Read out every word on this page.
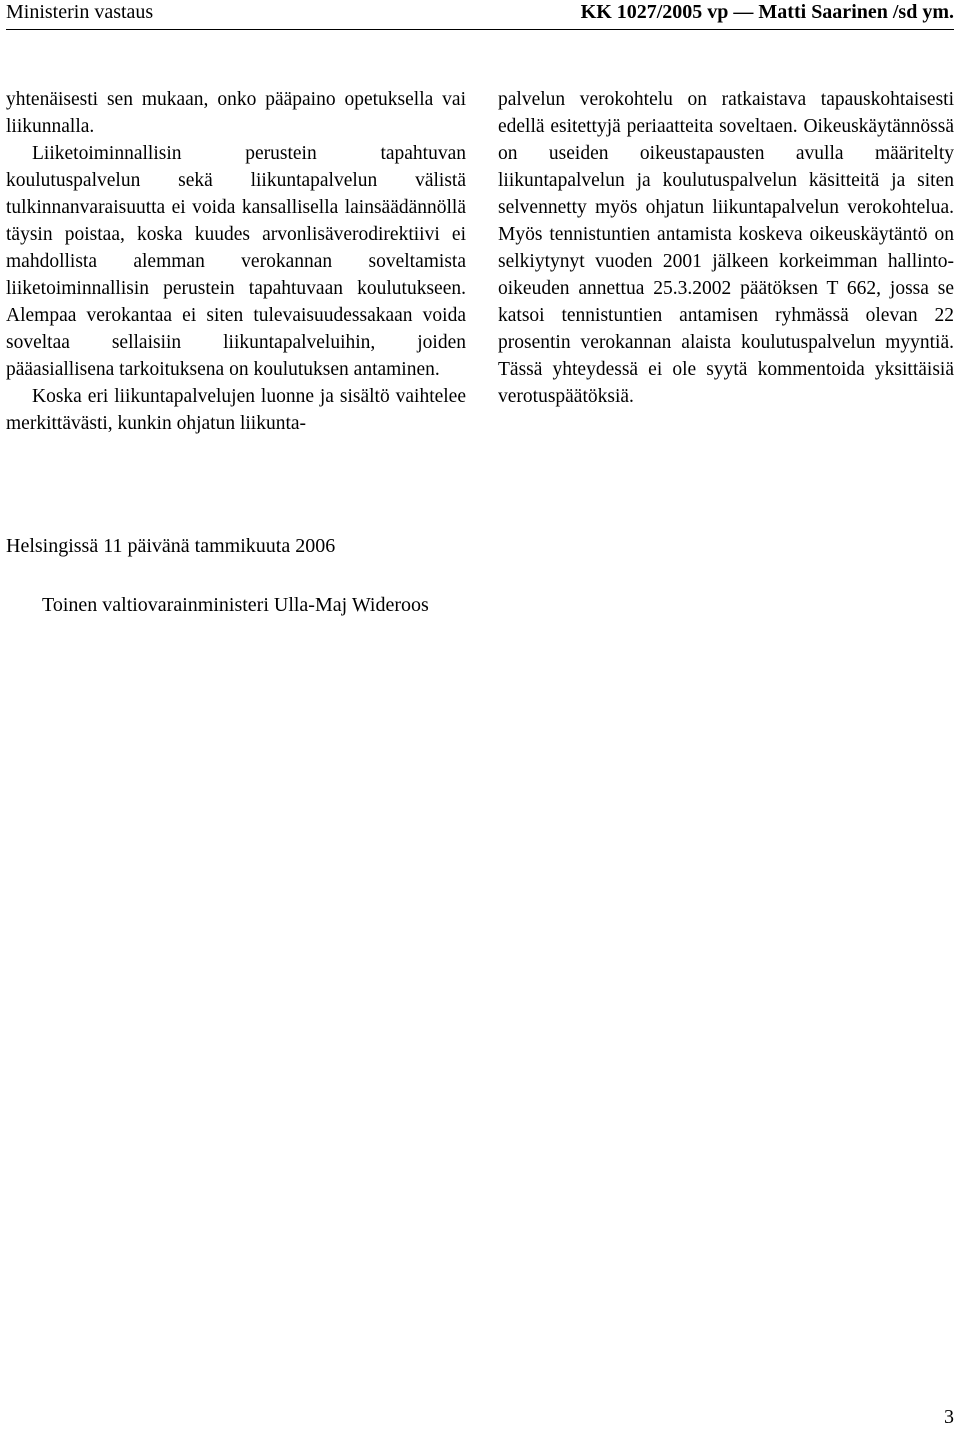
Ministerin vastaus	KK 1027/2005 vp — Matti Saarinen /sd ym.

yhtenäisesti sen mukaan, onko pääpaino opetuksella vai liikunnalla.

Liiketoiminnallisin perustein tapahtuvan koulutuspalvelun sekä liikuntapalvelun välistä tulkinnanvaraisuutta ei voida kansallisella lainsäädännöllä täysin poistaa, koska kuudes arvonlisäverodirektiivi ei mahdollista alemman verokannan soveltamista liiketoiminnallisin perustein tapahtuvaan koulutukseen. Alempaa verokantaa ei siten tulevaisuudessakaan voida soveltaa sellaisiin liikuntapalveluihin, joiden pääasiallisena tarkoituksena on koulutuksen antaminen.

Koska eri liikuntapalvelujen luonne ja sisältö vaihtelee merkittävästi, kunkin ohjatun liikunta-

palvelun verokohtelu on ratkaistava tapauskohtaisesti edellä esitettyjä periaatteita soveltaen. Oikeuskäytännössä on useiden oikeustapausten avulla määritelty liikuntapalvelun ja koulutuspalvelun käsitteitä ja siten selvennetty myös ohjatun liikuntapalvelun verokohtelua. Myös tennistuntien antamista koskeva oikeuskäytäntö on selkiytynyt vuoden 2001 jälkeen korkeimman hallinto-oikeuden annettua 25.3.2002 päätöksen T 662, jossa se katsoi tennistuntien antamisen ryhmässä olevan 22 prosentin verokannan alaista koulutuspalvelun myyntiä. Tässä yhteydessä ei ole syytä kommentoida yksittäisiä verotuspäätöksiä.

Helsingissä 11 päivänä tammikuuta 2006
Toinen valtiovarainministeri Ulla-Maj Wideroos
3
